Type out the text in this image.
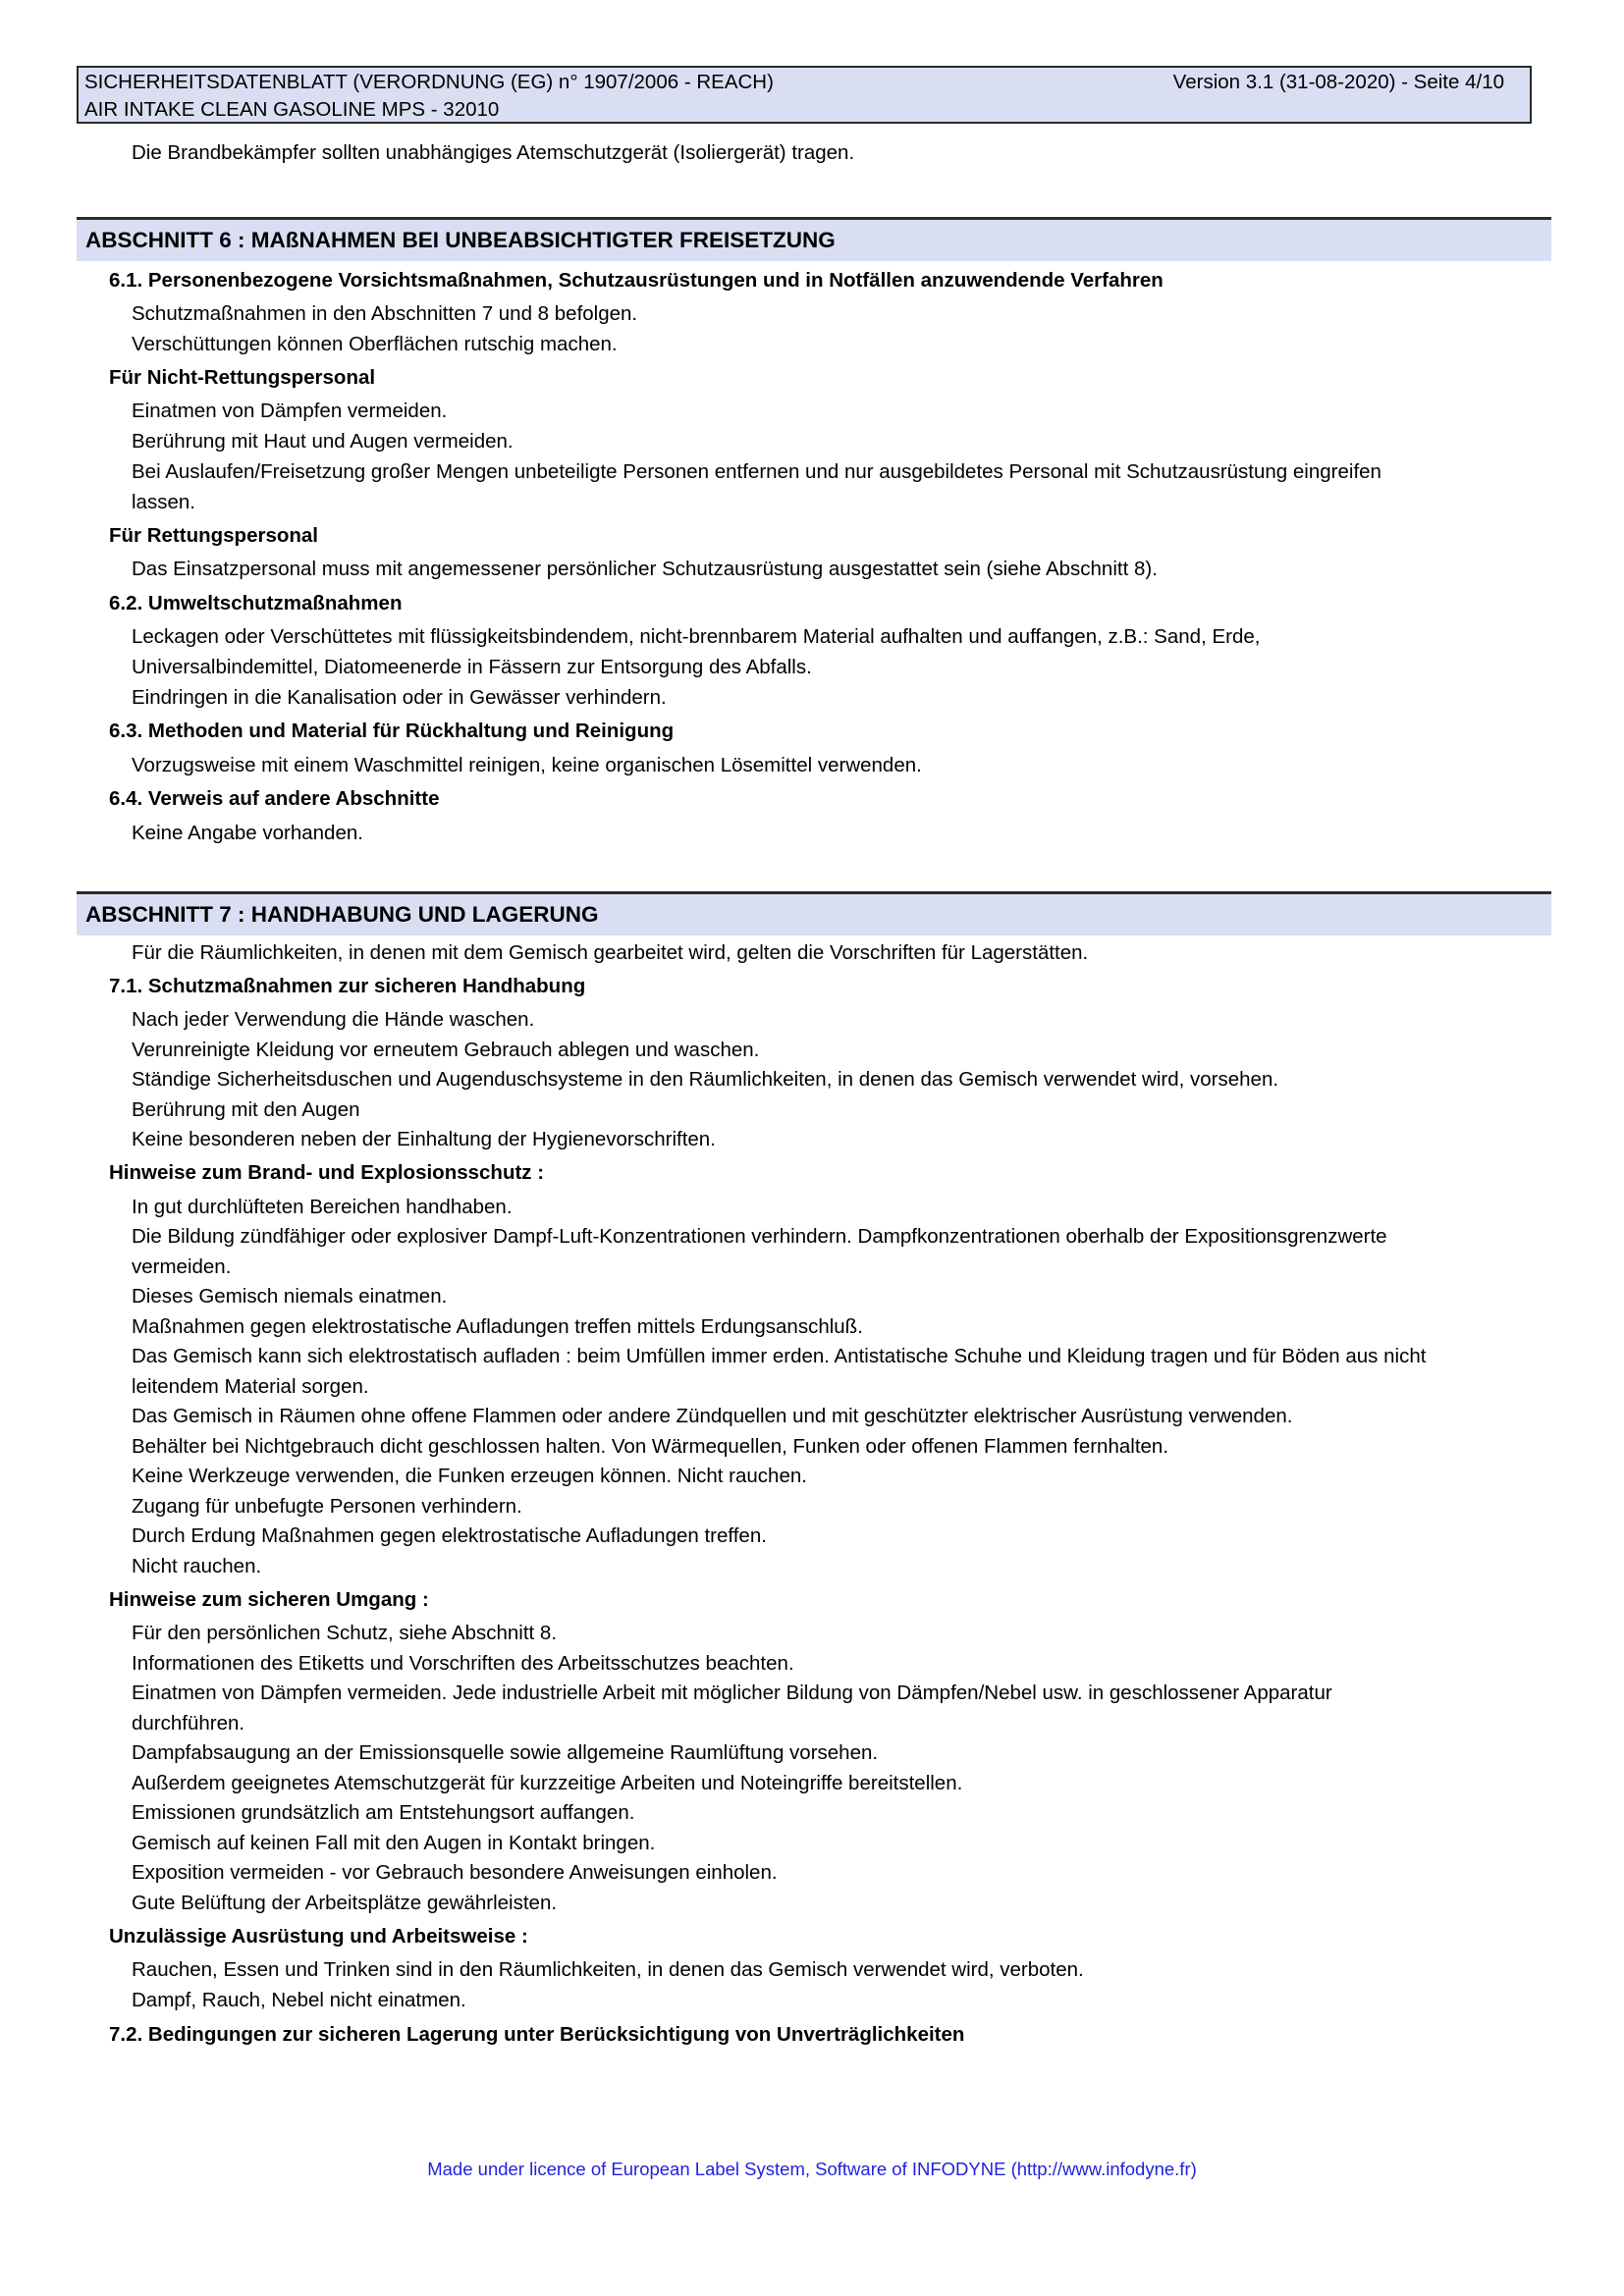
SICHERHEITSDATENBLATT (VERORDNUNG (EG) n° 1907/2006 - REACH)
AIR INTAKE CLEAN GASOLINE MPS - 32010
Version 3.1 (31-08-2020) - Seite 4/10
Die Brandbekämpfer sollten unabhängiges Atemschutzgerät (Isoliergerät) tragen.
ABSCHNITT 6 : MAßNAHMEN BEI UNBEABSICHTIGTER FREISETZUNG
6.1. Personenbezogene Vorsichtsmaßnahmen, Schutzausrüstungen und in Notfällen anzuwendende Verfahren
Schutzmaßnahmen in den Abschnitten 7 und 8 befolgen.
Verschüttungen können Oberflächen rutschig machen.
Für Nicht-Rettungspersonal
Einatmen von Dämpfen vermeiden.
Berührung mit Haut und Augen vermeiden.
Bei Auslaufen/Freisetzung großer Mengen unbeteiligte Personen entfernen und nur ausgebildetes Personal mit Schutzausrüstung eingreifen
lassen.
Für Rettungspersonal
Das Einsatzpersonal muss mit angemessener persönlicher Schutzausrüstung ausgestattet sein (siehe Abschnitt 8).
6.2. Umweltschutzmaßnahmen
Leckagen oder Verschüttetes mit flüssigkeitsbindendem, nicht-brennbarem Material aufhalten und auffangen, z.B.: Sand, Erde,
Universalbindemittel, Diatomeenerde in Fässern zur Entsorgung des Abfalls.
Eindringen in die Kanalisation oder in Gewässer verhindern.
6.3. Methoden und Material für Rückhaltung und Reinigung
Vorzugsweise mit einem Waschmittel reinigen, keine organischen Lösemittel verwenden.
6.4. Verweis auf andere Abschnitte
Keine Angabe vorhanden.
ABSCHNITT 7 : HANDHABUNG UND LAGERUNG
Für die Räumlichkeiten, in denen mit dem Gemisch gearbeitet wird, gelten die Vorschriften für Lagerstätten.
7.1. Schutzmaßnahmen zur sicheren Handhabung
Nach jeder Verwendung die Hände waschen.
Verunreinigte Kleidung vor erneutem Gebrauch ablegen und waschen.
Ständige Sicherheitsduschen und Augenduschsysteme in den Räumlichkeiten, in denen das Gemisch verwendet wird, vorsehen.
Berührung mit den Augen
Keine besonderen neben der Einhaltung der Hygienevorschriften.
Hinweise zum Brand- und Explosionsschutz :
In gut durchlüfteten Bereichen handhaben.
Die Bildung zündfähiger oder explosiver Dampf-Luft-Konzentrationen verhindern. Dampfkonzentrationen oberhalb der Expositionsgrenzwerte
vermeiden.
Dieses Gemisch niemals einatmen.
Maßnahmen gegen elektrostatische Aufladungen treffen mittels Erdungsanschluß.
Das Gemisch kann sich elektrostatisch aufladen : beim Umfüllen immer erden. Antistatische Schuhe und Kleidung tragen und für Böden aus nicht
leitendem Material sorgen.
Das Gemisch in Räumen ohne offene Flammen oder andere Zündquellen und mit geschützter elektrischer Ausrüstung verwenden.
Behälter bei Nichtgebrauch dicht geschlossen halten. Von Wärmequellen, Funken oder offenen Flammen fernhalten.
Keine Werkzeuge verwenden, die Funken erzeugen können. Nicht rauchen.
Zugang für unbefugte Personen verhindern.
Durch Erdung Maßnahmen gegen elektrostatische Aufladungen treffen.
Nicht rauchen.
Hinweise zum sicheren Umgang :
Für den persönlichen Schutz, siehe Abschnitt 8.
Informationen des Etiketts und Vorschriften des Arbeitsschutzes beachten.
Einatmen von Dämpfen vermeiden. Jede industrielle Arbeit mit möglicher Bildung von Dämpfen/Nebel usw. in geschlossener Apparatur
durchführen.
Dampfabsaugung an der Emissionsquelle sowie allgemeine Raumlüftung vorsehen.
Außerdem geeignetes Atemschutzgerät für kurzzeitige Arbeiten und Noteingriffe bereitstellen.
Emissionen grundsätzlich am Entstehungsort auffangen.
Gemisch auf keinen Fall mit den Augen in Kontakt bringen.
Exposition vermeiden - vor Gebrauch besondere Anweisungen einholen.
Gute Belüftung der Arbeitsplätze gewährleisten.
Unzulässige Ausrüstung und Arbeitsweise :
Rauchen, Essen und Trinken sind in den Räumlichkeiten, in denen das Gemisch verwendet wird, verboten.
Dampf, Rauch, Nebel nicht einatmen.
7.2. Bedingungen zur sicheren Lagerung unter Berücksichtigung von Unverträglichkeiten
Made under licence of European Label System, Software of INFODYNE (http://www.infodyne.fr)
